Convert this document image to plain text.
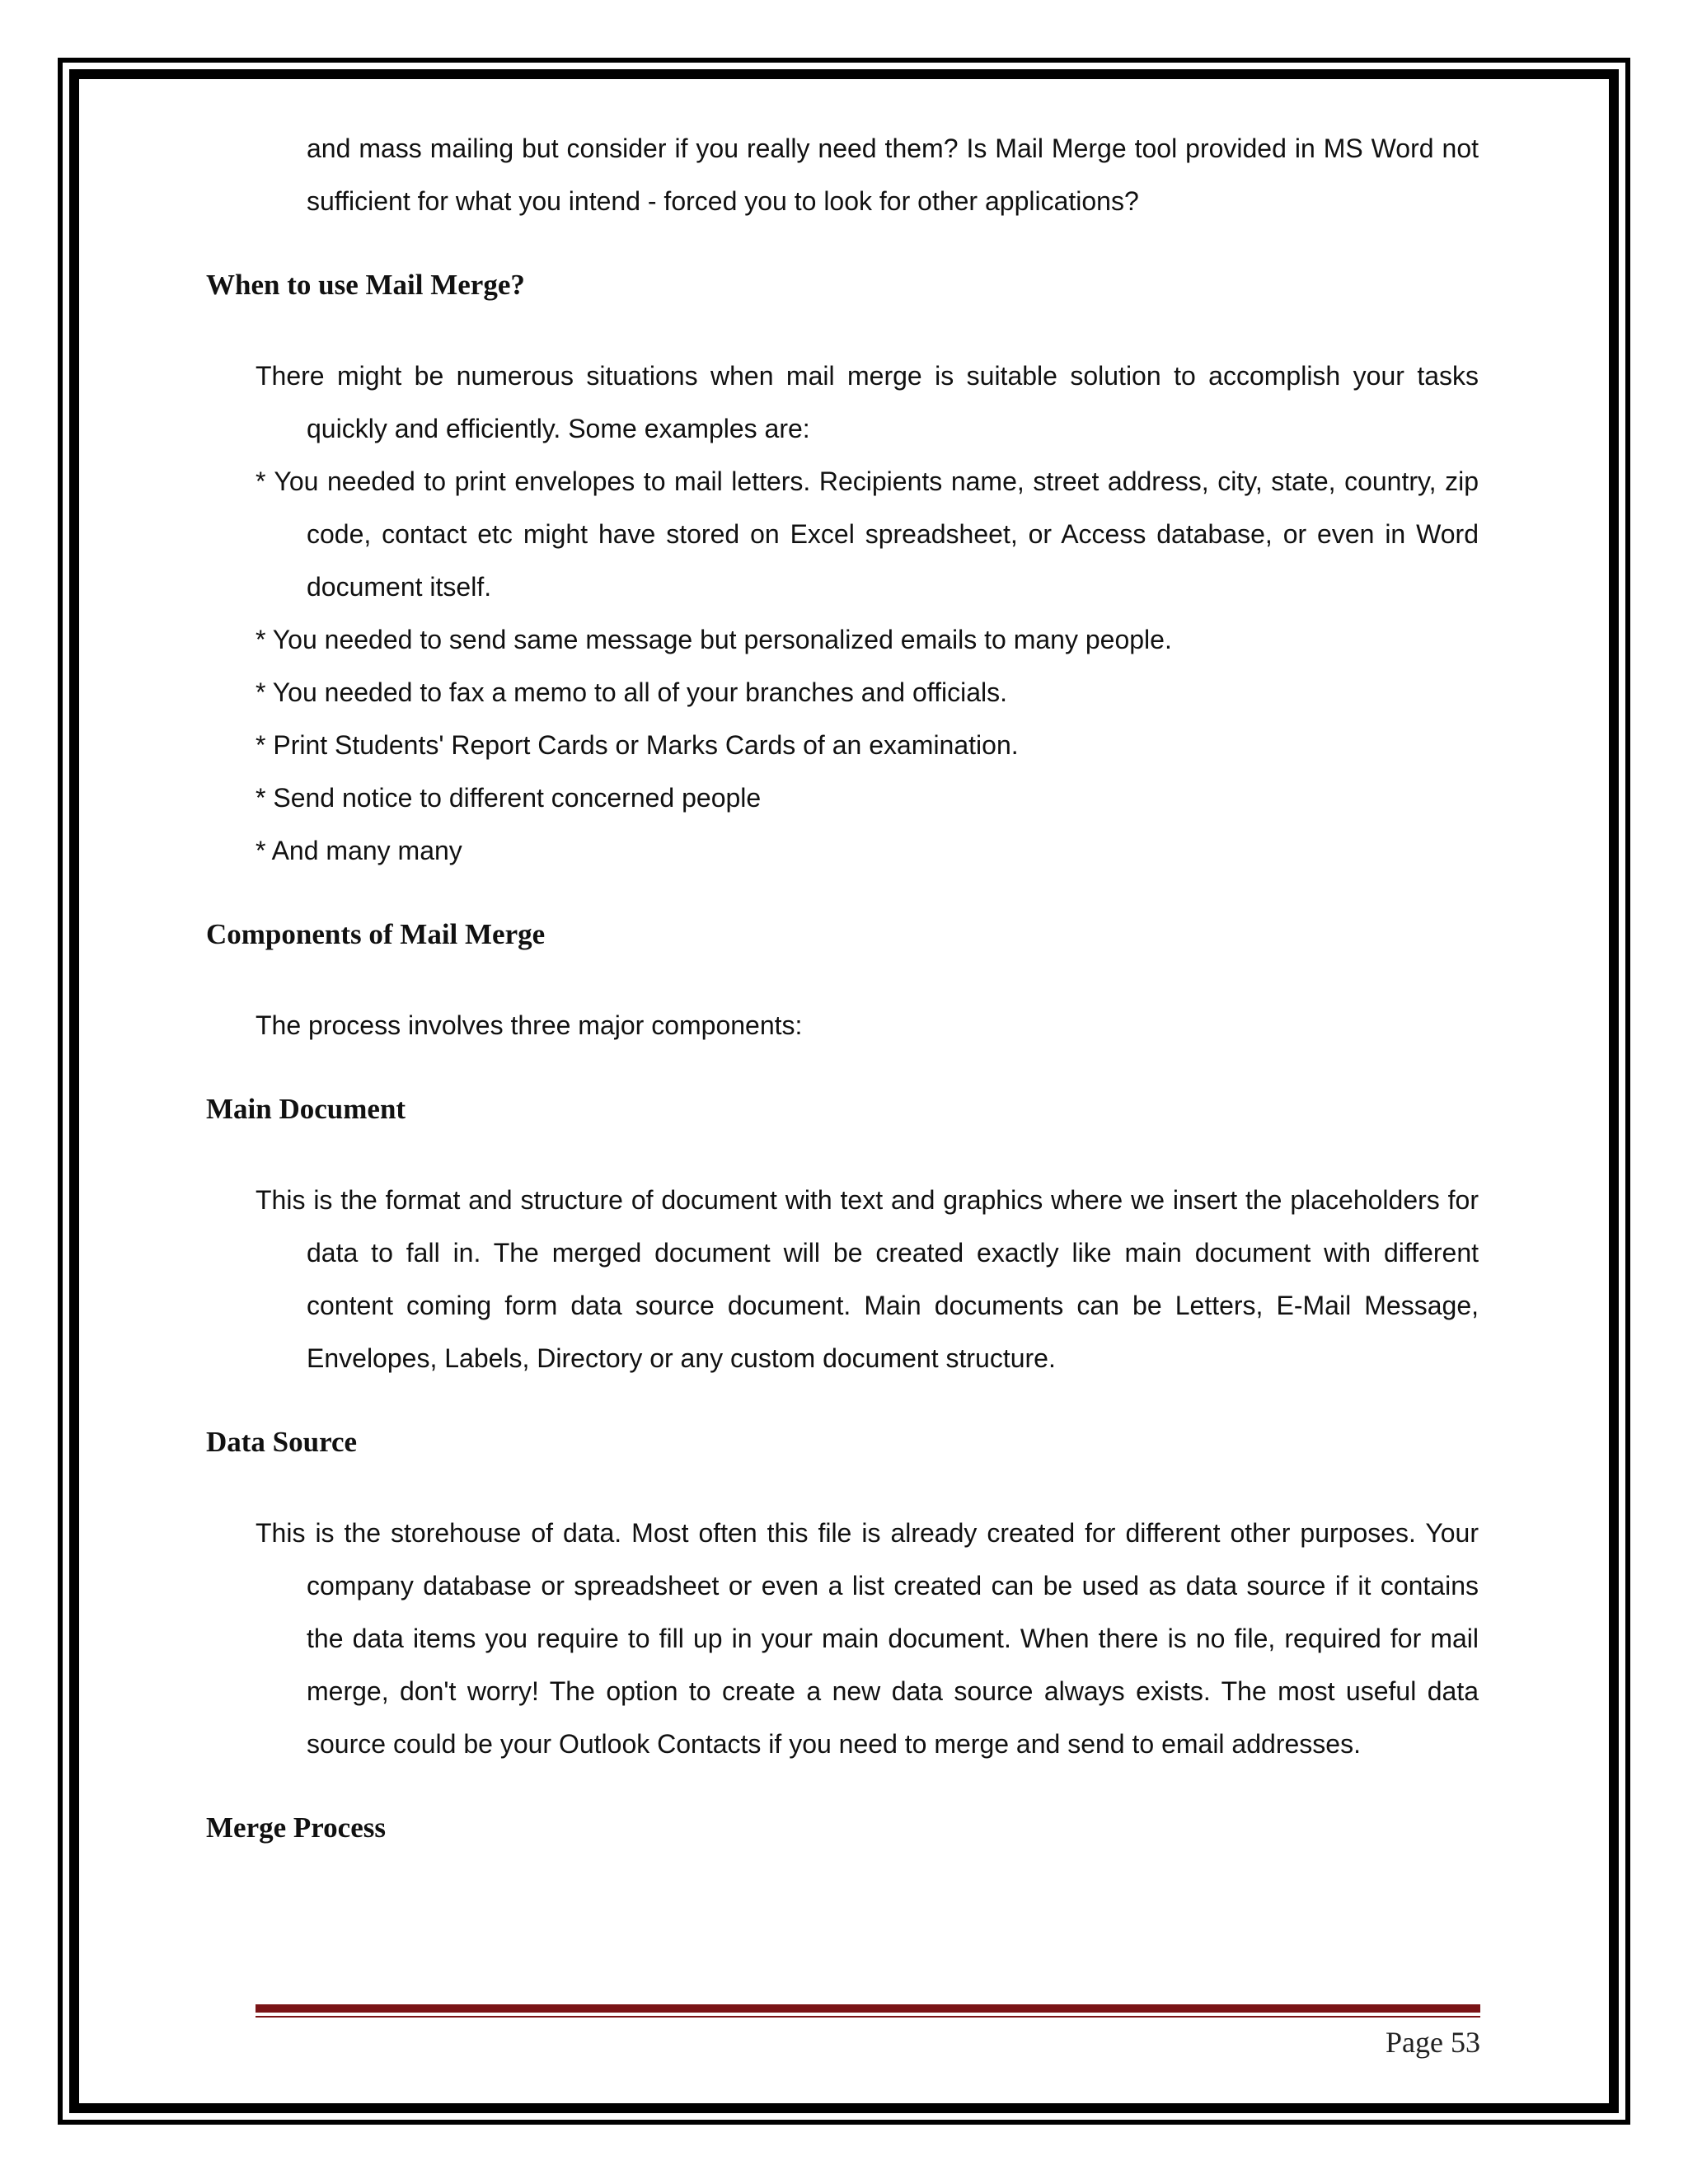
and mass mailing but consider if you really need them? Is Mail Merge tool provided in MS Word not sufficient for what you intend - forced you to look for other applications?

When to use Mail Merge?

There might be numerous situations when mail merge is suitable solution to accomplish your tasks quickly and efficiently. Some examples are:

* You needed to print envelopes to mail letters. Recipients name, street address, city, state, country, zip code, contact etc might have stored on Excel spreadsheet, or Access database, or even in Word document itself.

* You needed to send same message but personalized emails to many people.

* You needed to fax a memo to all of your branches and officials.

* Print Students' Report Cards or Marks Cards of an examination.

* Send notice to different concerned people

* And many many

Components of Mail Merge

The process involves three major components:

Main Document

This is the format and structure of document with text and graphics where we insert the placeholders for data to fall in. The merged document will be created exactly like main document with different content coming form data source document. Main documents can be Letters, E-Mail Message, Envelopes, Labels, Directory or any custom document structure.

Data Source

This is the storehouse of data. Most often this file is already created for different other purposes. Your company database or spreadsheet or even a list created can be used as data source if it contains the data items you require to fill up in your main document. When there is no file, required for mail merge, don't worry! The option to create a new data source always exists. The most useful data source could be your Outlook Contacts if you need to merge and send to email addresses.

Merge Process
Page 53
